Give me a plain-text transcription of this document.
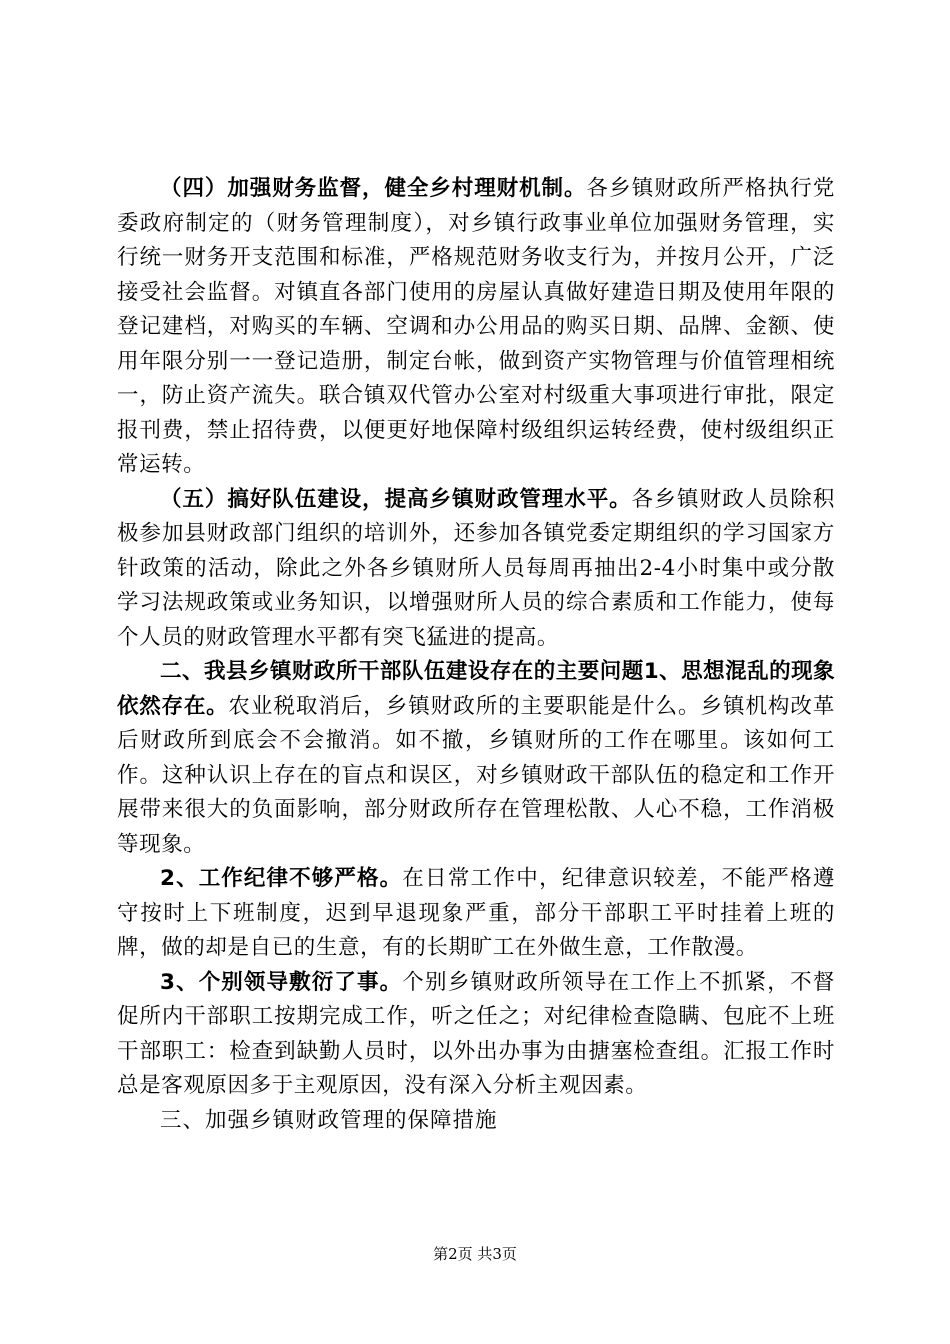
（四）加强财务监督，健全乡村理财机制。各乡镇财政所严格执行党委政府制定的（财务管理制度），对乡镇行政事业单位加强财务管理，实行统一财务开支范围和标准，严格规范财务收支行为，并按月公开，广泛接受社会监督。对镇直各部门使用的房屋认真做好建造日期及使用年限的登记建档，对购买的车辆、空调和办公用品的购买日期、品牌、金额、使用年限分别一一登记造册，制定台帐，做到资产实物管理与价值管理相统一，防止资产流失。联合镇双代管办公室对村级重大事项进行审批，限定报刊费，禁止招待费，以便更好地保障村级组织运转经费，使村级组织正常运转。

（五）搞好队伍建设，提高乡镇财政管理水平。各乡镇财政人员除积极参加县财政部门组织的培训外，还参加各镇党委定期组织的学习国家方针政策的活动，除此之外各乡镇财所人员每周再抽出2-4小时集中或分散学习法规政策或业务知识，以增强财所人员的综合素质和工作能力，使每个人员的财政管理水平都有突飞猛进的提高。

二、我县乡镇财政所干部队伍建设存在的主要问题1、思想混乱的现象依然存在。农业税取消后，乡镇财政所的主要职能是什么。乡镇机构改革后财政所到底会不会撤消。如不撤，乡镇财所的工作在哪里。该如何工作。这种认识上存在的盲点和误区，对乡镇财政干部队伍的稳定和工作开展带来很大的负面影响，部分财政所存在管理松散、人心不稳，工作消极等现象。

2、工作纪律不够严格。在日常工作中，纪律意识较差，不能严格遵守按时上下班制度，迟到早退现象严重，部分干部职工平时挂着上班的牌，做的却是自已的生意，有的长期旷工在外做生意，工作散漫。

3、个别领导敷衍了事。个别乡镇财政所领导在工作上不抓紧，不督促所内干部职工按期完成工作，听之任之；对纪律检查隐瞒、包庇不上班干部职工：检查到缺勤人员时，以外出办事为由搪塞检查组。汇报工作时总是客观原因多于主观原因，没有深入分析主观因素。

三、加强乡镇财政管理的保障措施

第2页 共3页
